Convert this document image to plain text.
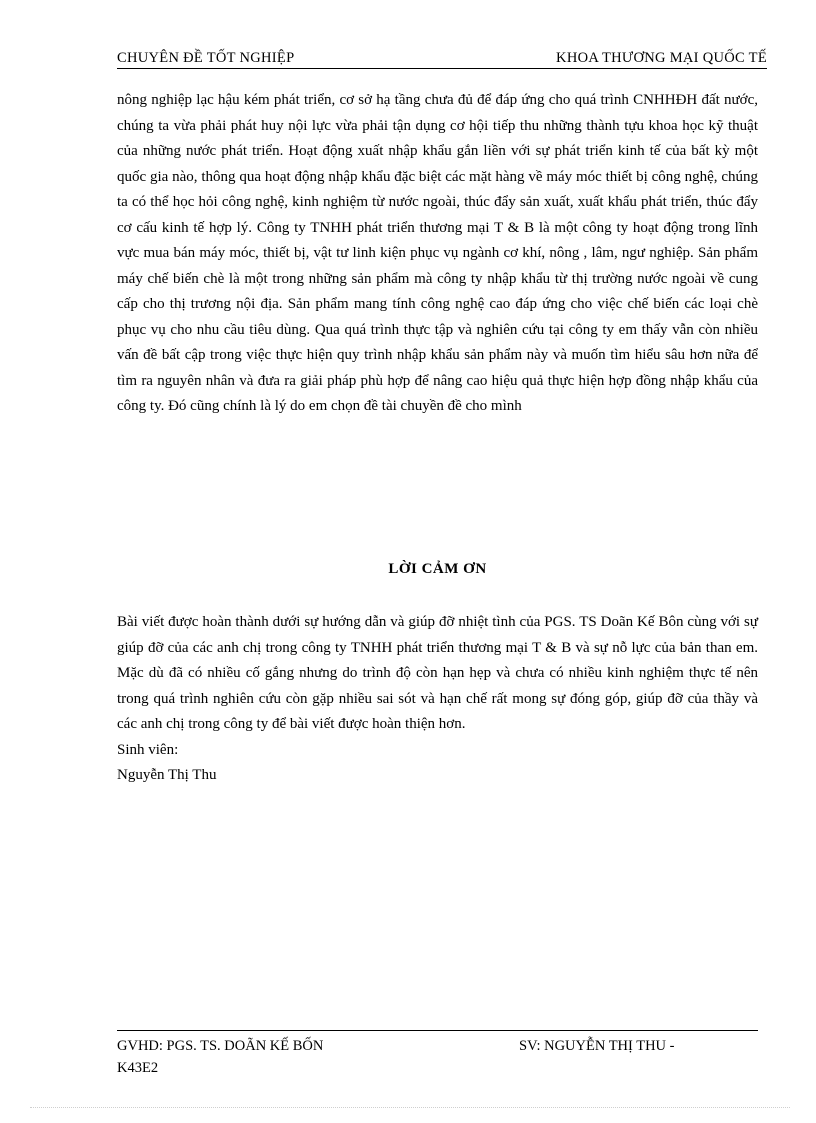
CHUYÊN ĐỀ TỐT NGHIỆP	KHOA THƯƠNG MẠI QUỐC TẾ

nông nghiệp lạc hậu kém phát triển, cơ sở hạ tầng chưa đủ để đáp ứng cho quá trình CNHHĐH đất nước, chúng ta vừa phải phát huy nội lực vừa phải tận dụng cơ hội tiếp thu những thành tựu khoa học kỹ thuật của những nước phát triển. Hoạt động xuất nhập khẩu gắn liền với sự phát triển kinh tế của bất kỳ một quốc gia nào, thông qua hoạt động nhập khẩu đặc biệt các mặt hàng về máy móc thiết bị công nghệ, chúng ta có thể học hỏi công nghệ, kinh nghiệm từ nước ngoài, thúc đẩy sản xuất, xuất khẩu phát triển, thúc đẩy cơ cấu kinh tế hợp lý. Công ty TNHH phát triển thương mại T & B là một công ty hoạt động trong lĩnh vực mua bán máy móc, thiết bị, vật tư linh kiện phục vụ ngành cơ khí, nông , lâm, ngư nghiệp. Sản phẩm máy chế biến chè là một trong những sản phẩm mà công ty nhập khẩu từ thị trường nước ngoài về cung cấp cho thị trương nội địa. Sản phẩm mang tính công nghệ cao đáp ứng cho việc chế biến các loại chè phục vụ cho nhu cầu tiêu dùng. Qua quá trình thực tập và nghiên cứu tại công ty em thấy vẫn còn nhiều vấn đề bất cập trong việc thực hiện quy trình nhập khẩu sản phẩm này và muốn tìm hiểu sâu hơn nữa để tìm ra nguyên nhân và đưa ra giải pháp phù hợp để nâng cao hiệu quả thực hiện hợp đồng nhập khẩu của công ty. Đó cũng chính là lý do em chọn đề tài chuyền đề cho mình

LỜI CẢM ƠN

Bài viết được hoàn thành dưới sự hướng dẫn và giúp đỡ nhiệt tình của PGS. TS Doãn Kế Bôn cùng với sự giúp đỡ của các anh chị trong công ty TNHH phát triển thương mại T & B và sự nỗ lực của bản than em. Mặc dù đã có nhiều cố gắng nhưng do trình độ còn hạn hẹp và chưa có nhiều kinh nghiệm thực tế nên trong quá trình nghiên cứu còn gặp nhiều sai sót và hạn chế rất mong sự đóng góp, giúp đỡ của thầy và các anh chị trong công ty để bài viết được hoàn thiện hơn.

Sinh viên:
Nguyễn Thị Thu
GVHD: PGS. TS. DOÃN KẾ BỐN	SV: NGUYỄN THỊ THU -
K43E2
